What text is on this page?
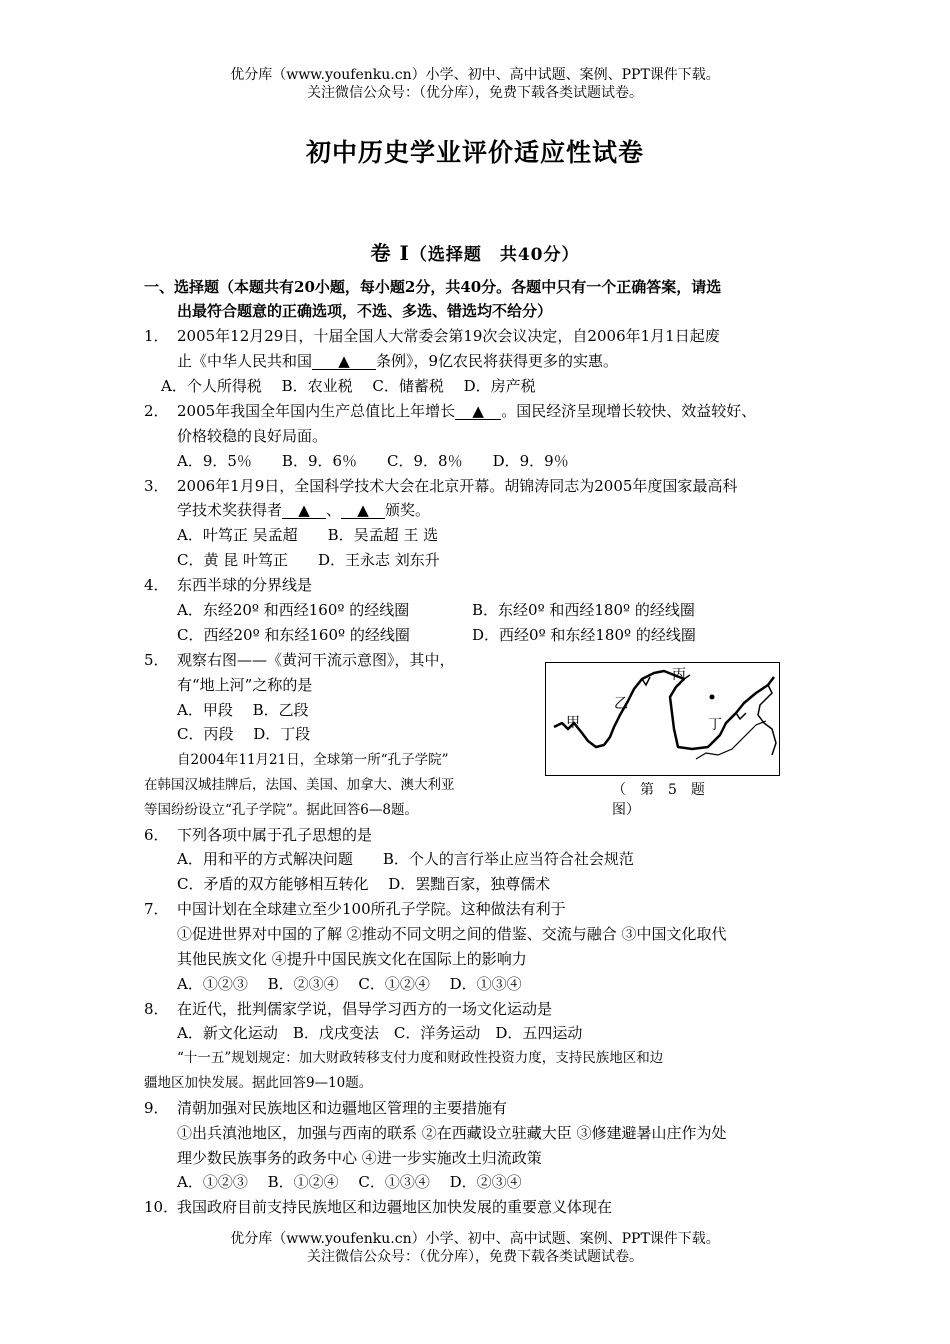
优分库（www.youfenku.cn）小学、初中、高中试题、案例、PPT课件下载。
关注微信公众号：（优分库），免费下载各类试题试卷。
初中历史学业评价适应性试卷
卷 Ⅰ（选择题　共40分）
一、选择题（本题共有20小题，每小题2分，共40分。各题中只有一个正确答案，请选
出最符合题意的正确选项，不选、多选、错选均不给分）
1． 2005年12月29日，十届全国人大常委会第19次会议决定，自2006年1月1日起废
止《中华人民共和国 ▲ 条例》，9亿农民将获得更多的实惠。
A．个人所得税　 B．农业税　 C．储蓄税　 D．房产税
2． 2005年我国全年国内生产总值比上年增长 ▲ 。国民经济呈现增长较快、效益较好、
价格较稳的良好局面。
A．9．5％　　B．9．6％　　C．9．8％　　D．9．9％
3． 2006年1月9日，全国科学技术大会在北京开幕。胡锦涛同志为2005年度国家最高科
学技术奖获得者 ▲ 、 ▲ 颁奖。
A．叶笃正 吴孟超　　B．吴孟超 王 选
C．黄 昆 叶笃正　　D．王永志 刘东升
4． 东西半球的分界线是
A．东经20º 和西经160º 的经线圈	B．东经0º 和西经180º 的经线圈
C．西经20º 和东经160º 的经线圈	D．西经0º 和东经180º 的经线圈
5． 观察右图——《黄河干流示意图》，其中，
有“地上河”之称的是
A．甲段　 B．乙段
C．丙段　 D．丁段
甲
乙
丙
丁
（　第　5　题
图）
自2004年11月21日，全球第一所“孔子学院”
在韩国汉城挂牌后，法国、美国、加拿大、澳大利亚
等国纷纷设立“孔子学院”。据此回答6—8题。
6． 下列各项中属于孔子思想的是
A．用和平的方式解决问题　　B．个人的言行举止应当符合社会规范
C．矛盾的双方能够相互转化　 D．罢黜百家，独尊儒术
7． 中国计划在全球建立至少100所孔子学院。这种做法有利于
①促进世界对中国的了解 ②推动不同文明之间的借鉴、交流与融合 ③中国文化取代
其他民族文化 ④提升中国民族文化在国际上的影响力
A．①②③　 B．②③④　 C．①②④　 D．①③④
8． 在近代，批判儒家学说，倡导学习西方的一场文化运动是
A．新文化运动　B．戊戌变法　C．洋务运动　D．五四运动
“十一五”规划规定：加大财政转移支付力度和财政性投资力度，支持民族地区和边
疆地区加快发展。据此回答9—10题。
9． 清朝加强对民族地区和边疆地区管理的主要措施有
①出兵滇池地区，加强与西南的联系 ②在西藏设立驻藏大臣 ③修建避暑山庄作为处
理少数民族事务的政务中心 ④进一步实施改土归流政策
A．①②③　 B．①②④　 C．①③④　 D．②③④
10．
我国政府目前支持民族地区和边疆地区加快发展的重要意义体现在
优分库（www.youfenku.cn）小学、初中、高中试题、案例、PPT课件下载。
关注微信公众号：（优分库），免费下载各类试题试卷。
